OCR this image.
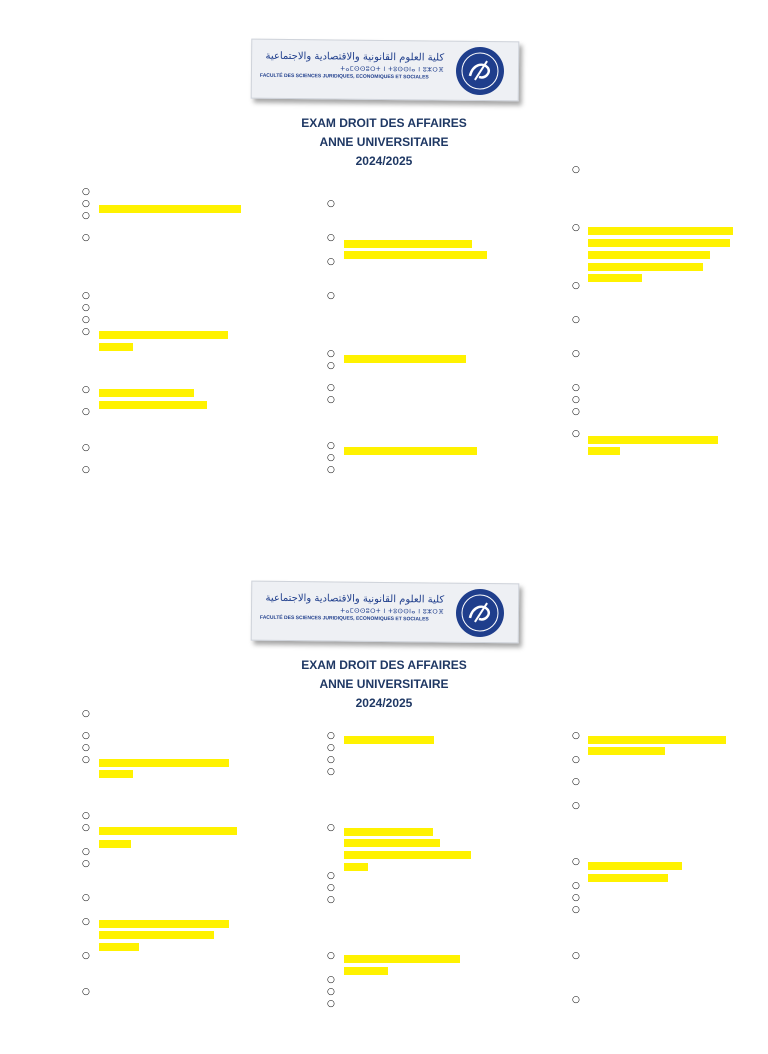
كلية العلوم القانونية والاقتصادية والاجتماعية
ⵜⴰⵎⵙⵙⵓⵔⵜ ⵏ ⵜⵓⵙⵙⵏⴰ ⵏ ⵓⵣⵔⴼ
FACULTÉ DES SCIENCES JURIDIQUES, ECONOMIQUES ET SOCIALES
EXAM DROIT DES AFFAIRES
ANNE UNIVERSITAIRE
2024/2025
○
○
○
○
○
○
○
○
○
○
○
○
○
○
○
○
○
○
○
○
○
○
○
○
○
○
○
○
○
○
○
○
كلية العلوم القانونية والاقتصادية والاجتماعية
ⵜⴰⵎⵙⵙⵓⵔⵜ ⵏ ⵜⵓⵙⵙⵏⴰ ⵏ ⵓⵣⵔⴼ
FACULTÉ DES SCIENCES JURIDIQUES, ECONOMIQUES ET SOCIALES
EXAM DROIT DES AFFAIRES
ANNE UNIVERSITAIRE
2024/2025
○
○
○
○
○
○
○
○
○
○
○
○
○
○
○
○
○
○
○
○
○
○
○
○
○
○
○
○
○
○
○
○
○
○
